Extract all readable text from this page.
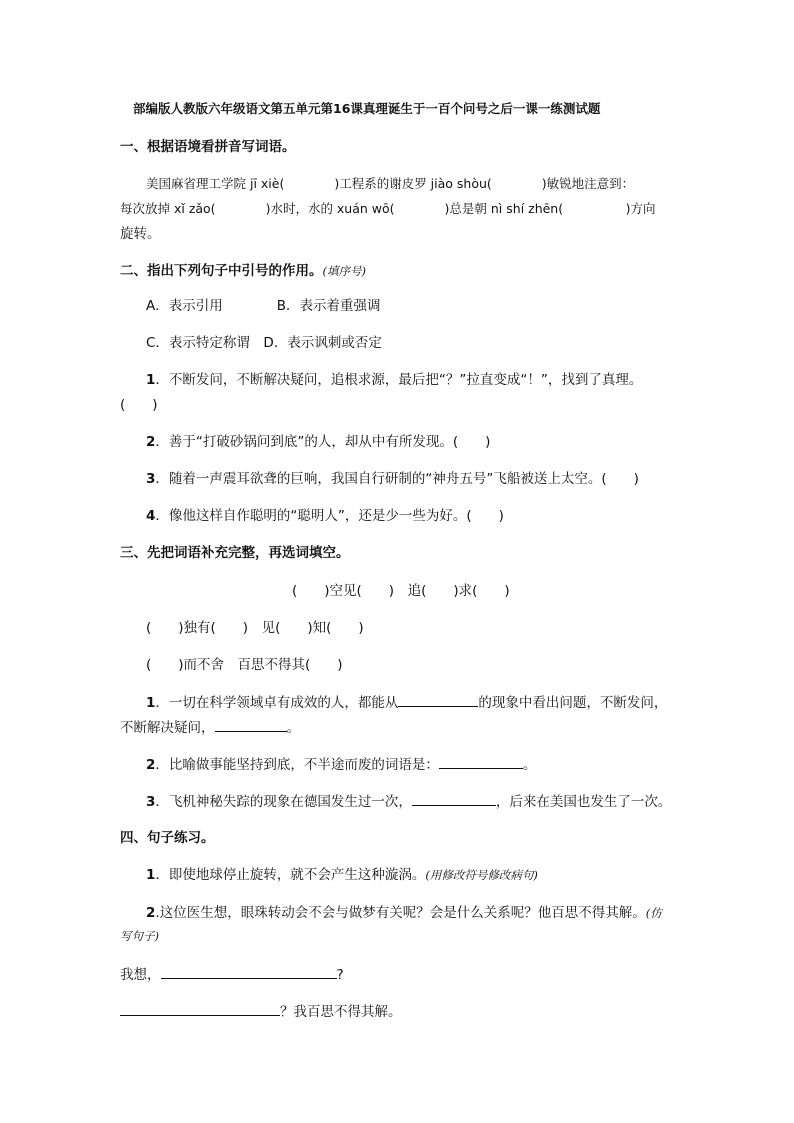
部编版人教版六年级语文第五单元第16课真理诞生于一百个问号之后一课一练测试题
一、根据语境看拼音写词语。
美国麻省理工学院 jī xiè(　　　　)工程系的谢皮罗 jiào shòu(　　　　)敏锐地注意到：
每次放掉 xǐ zǎo(　　　　)水时，水的 xuán wō(　　　　)总是朝 nì shí zhēn(　　　　　)方向
旋转。
二、指出下列句子中引号的作用。(填序号)
A．表示引用　　　　B．表示着重强调
C．表示特定称谓　D．表示讽刺或否定
1．不断发问，不断解决疑问，追根求源，最后把“？”拉直变成“！”，找到了真理。
(　　)
2．善于“打破砂锅问到底”的人，却从中有所发现。(　　)
3．随着一声震耳欲聋的巨响，我国自行研制的“神舟五号”飞船被送上太空。(　　)
4．像他这样自作聪明的“聪明人”，还是少一些为好。(　　)
三、先把词语补充完整，再选词填空。
(　　)空见(　　)　追(　　)求(　　)
(　　)独有(　　)　见(　　)知(　　)
(　　)而不舍　百思不得其(　　)
1．一切在科学领域卓有成效的人，都能从	的现象中看出问题，不断发问，
不断解决疑问，	。
2．比喻做事能坚持到底，不半途而废的词语是：	。
3．飞机神秘失踪的现象在德国发生过一次，	，后来在美国也发生了一次。
四、句子练习。
1．即使地球停止旋转，就不会产生这种漩涡。(用修改符号修改病句)
2.这位医生想，眼珠转动会不会与做梦有关呢？会是什么关系呢？他百思不得其解。(仿
写句子)
我想，	?
？我百思不得其解。
